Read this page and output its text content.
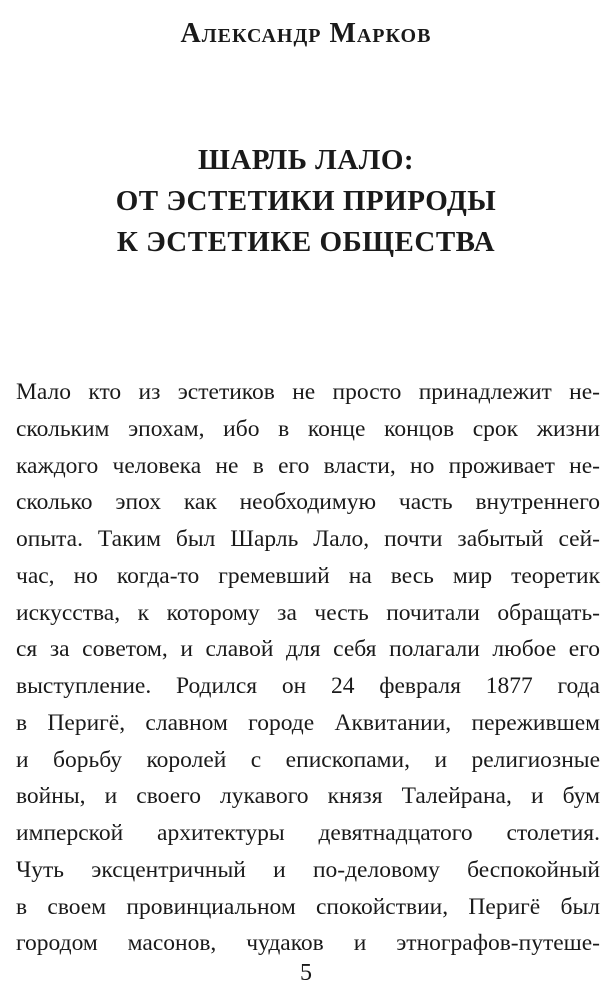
Александр Марков
ШАРЛЬ ЛАЛО:
ОТ ЭСТЕТИКИ ПРИРОДЫ
К ЭСТЕТИКЕ ОБЩЕСТВА
Мало кто из эстетиков не просто принадлежит не-
скольким эпохам, ибо в конце концов срок жизни
каждого человека не в его власти, но проживает не-
сколько эпох как необходимую часть внутреннего
опыта. Таким был Шарль Лало, почти забытый сей-
час, но когда-то гремевший на весь мир теоретик
искусства, к которому за честь почитали обращать-
ся за советом, и славой для себя полагали любое его
выступление. Родился он 24 февраля 1877 года
в Перигё, славном городе Аквитании, пережившем
и борьбу королей с епископами, и религиозные
войны, и своего лукавого князя Талейрана, и бум
имперской архитектуры девятнадцатого столетия.
Чуть эксцентричный и по-деловому беспокойный
в своем провинциальном спокойствии, Перигё был
городом масонов, чудаков и этнографов-путеше-
5
